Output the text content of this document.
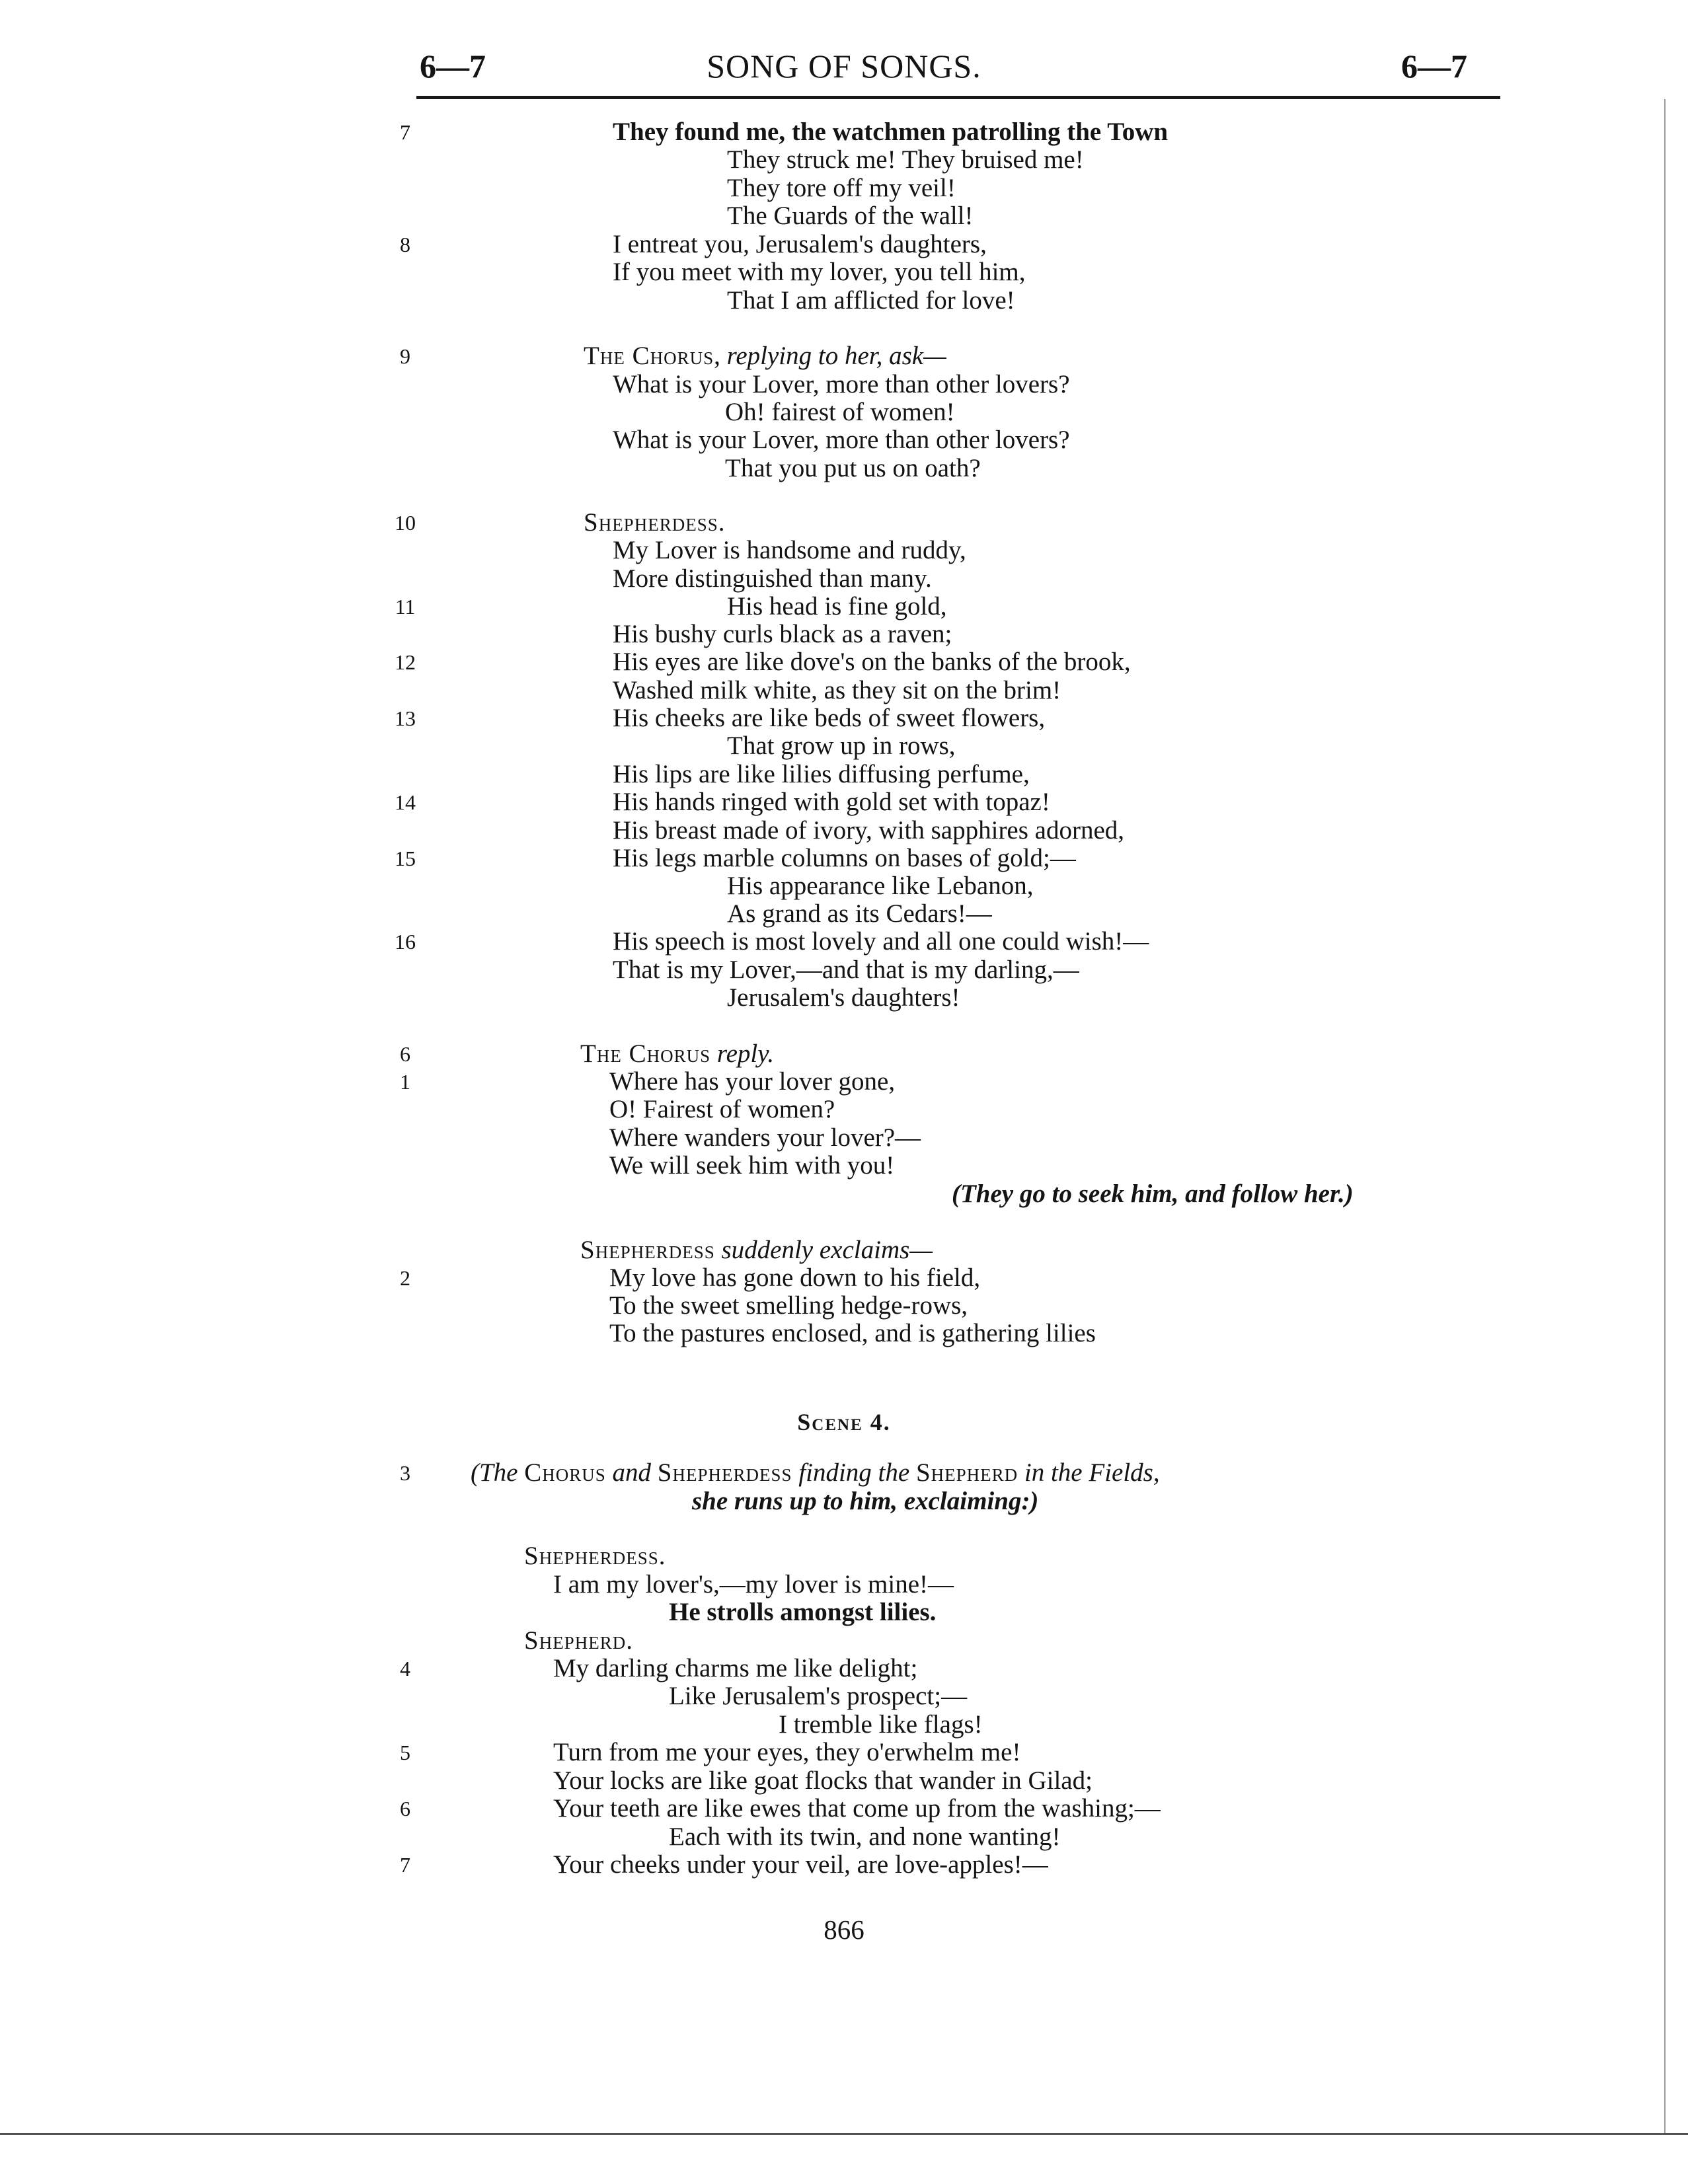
6—7	SONG OF SONGS.	6—7
7
8
9
10
11
12
13
14
15
16
6
1
2
3
4
5
6
7
They found me, the watchmen patrolling the Town
They struck me! They bruised me!
They tore off my veil!
The Guards of the wall!
I entreat you, Jerusalem's daughters,
If you meet with my lover, you tell him,
That I am afflicted for love!
The Chorus, replying to her, ask—
What is your Lover, more than other lovers?
Oh! fairest of women!
What is your Lover, more than other lovers?
That you put us on oath?
Shepherdess.
My Lover is handsome and ruddy,
More distinguished than many.
His head is fine gold,
His bushy curls black as a raven;
His eyes are like dove's on the banks of the brook,
Washed milk white, as they sit on the brim!
His cheeks are like beds of sweet flowers,
That grow up in rows,
His lips are like lilies diffusing perfume,
His hands ringed with gold set with topaz!
His breast made of ivory, with sapphires adorned,
His legs marble columns on bases of gold;—
His appearance like Lebanon,
As grand as its Cedars!—
His speech is most lovely and all one could wish!—
That is my Lover,—and that is my darling,—
Jerusalem's daughters!
The Chorus reply.
Where has your lover gone,
O! Fairest of women?
Where wanders your lover?—
We will seek him with you!
(They go to seek him, and follow her.)
Shepherdess suddenly exclaims—
My love has gone down to his field,
To the sweet smelling hedge-rows,
To the pastures enclosed, and is gathering lilies
Scene 4.
(The Chorus and Shepherdess finding the Shepherd in the Fields,
she runs up to him, exclaiming:)
Shepherdess.
I am my lover's,—my lover is mine!—
He strolls amongst lilies.
Shepherd.
My darling charms me like delight;
Like Jerusalem's prospect;—
I tremble like flags!
Turn from me your eyes, they o'erwhelm me!
Your locks are like goat flocks that wander in Gilad;
Your teeth are like ewes that come up from the washing;—
Each with its twin, and none wanting!
Your cheeks under your veil, are love-apples!—
866
